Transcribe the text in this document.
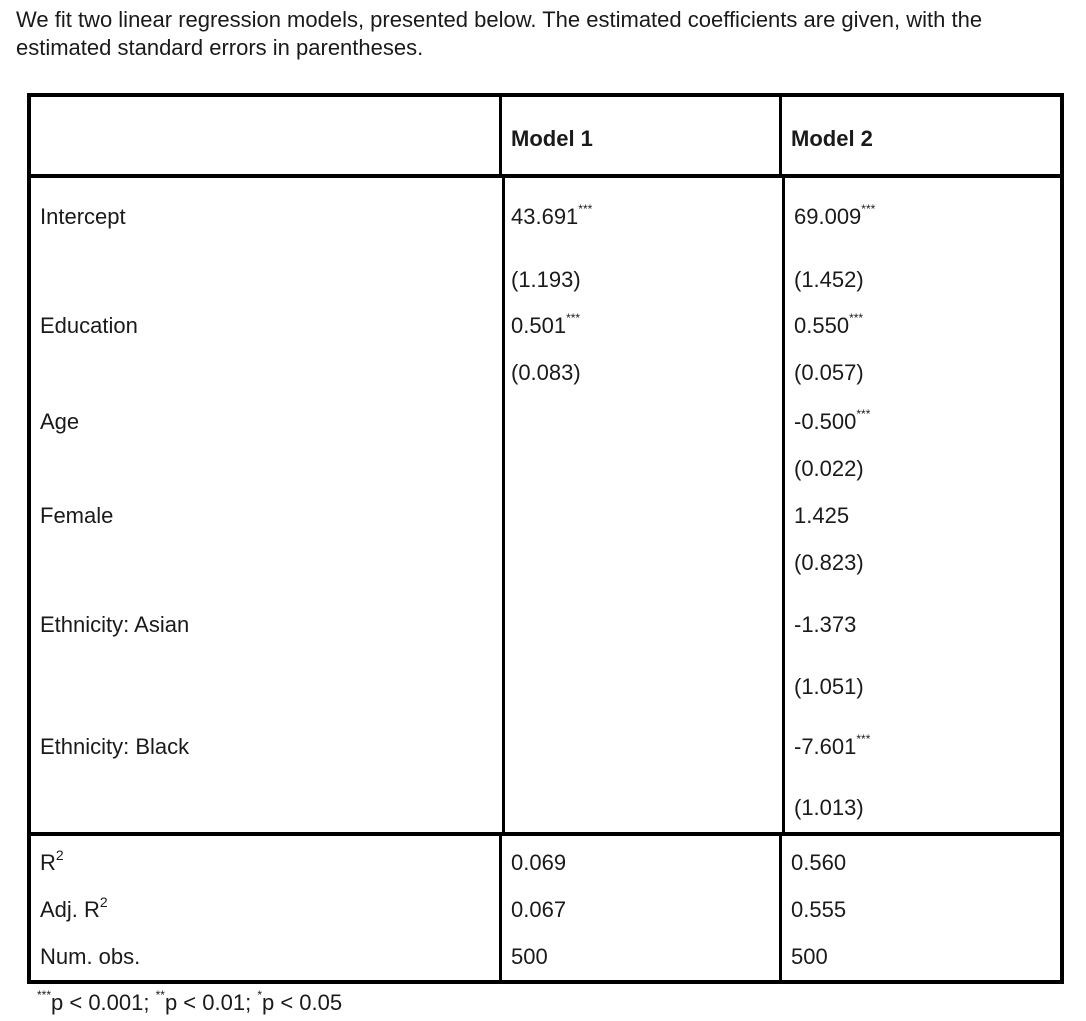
We fit two linear regression models, presented below. The estimated coefficients are given, with the estimated standard errors in parentheses.

Model 1	Model 2
Intercept
Education
Age
Female
Ethnicity: Asian
Ethnicity: Black
43.691***
(1.193)
0.501***
(0.083)
69.009***
(1.452)
0.550***
(0.057)
-0.500***
(0.022)
1.425
(0.823)
-1.373
(1.051)
-7.601***
(1.013)
$R^2$
Adj. $R^2$
Num. obs.
0.069
0.067
500
0.560
0.555
500

***p < 0.001; **p < 0.01; *p < 0.05
